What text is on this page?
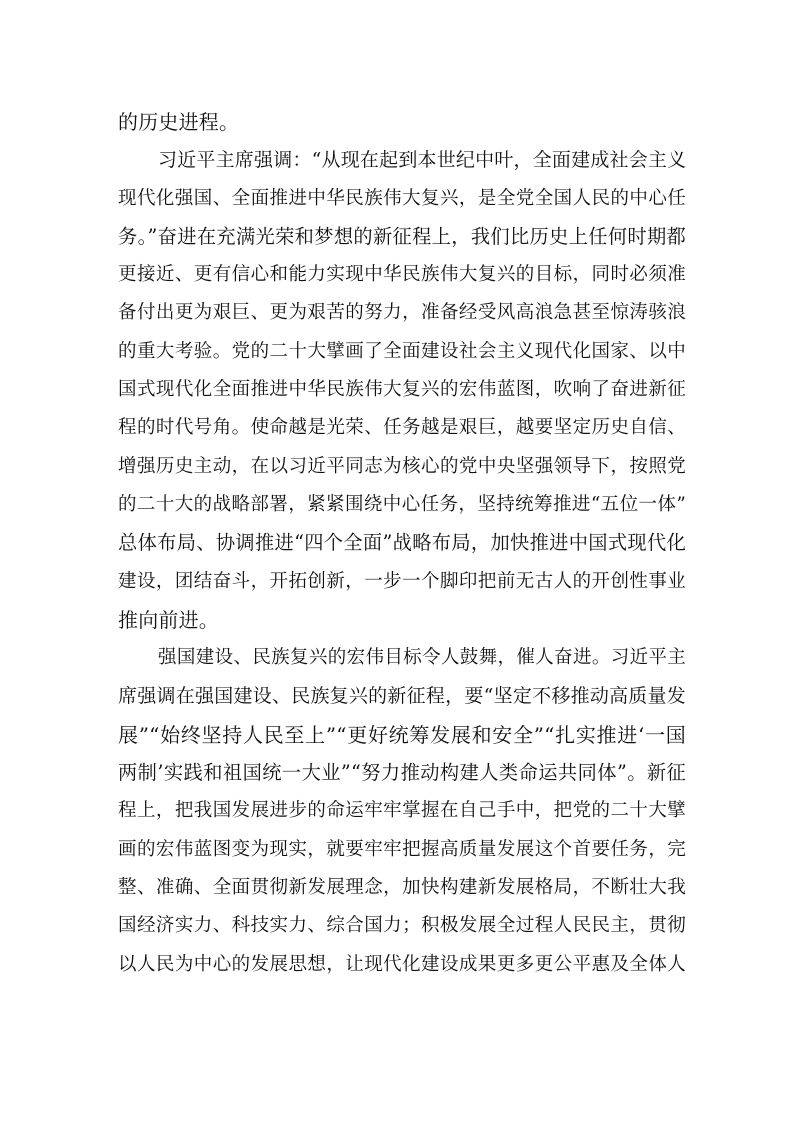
的历史进程。
习近平主席强调：“从现在起到本世纪中叶，全面建成社会主义
现代化强国、全面推进中华民族伟大复兴，是全党全国人民的中心任
务。”奋进在充满光荣和梦想的新征程上，我们比历史上任何时期都
更接近、更有信心和能力实现中华民族伟大复兴的目标，同时必须准
备付出更为艰巨、更为艰苦的努力，准备经受风高浪急甚至惊涛骇浪
的重大考验。党的二十大擘画了全面建设社会主义现代化国家、以中
国式现代化全面推进中华民族伟大复兴的宏伟蓝图，吹响了奋进新征
程的时代号角。使命越是光荣、任务越是艰巨，越要坚定历史自信、
增强历史主动，在以习近平同志为核心的党中央坚强领导下，按照党
的二十大的战略部署，紧紧围绕中心任务，坚持统筹推进“五位一体”
总体布局、协调推进“四个全面”战略布局，加快推进中国式现代化
建设，团结奋斗，开拓创新，一步一个脚印把前无古人的开创性事业
推向前进。
强国建设、民族复兴的宏伟目标令人鼓舞，催人奋进。习近平主
席强调在强国建设、民族复兴的新征程，要“坚定不移推动高质量发
展”“始终坚持人民至上”“更好统筹发展和安全”“扎实推进‘一国
两制’实践和祖国统一大业”“努力推动构建人类命运共同体”。新征
程上，把我国发展进步的命运牢牢掌握在自己手中，把党的二十大擘
画的宏伟蓝图变为现实，就要牢牢把握高质量发展这个首要任务，完
整、准确、全面贯彻新发展理念，加快构建新发展格局，不断壮大我
国经济实力、科技实力、综合国力；积极发展全过程人民民主，贯彻
以人民为中心的发展思想，让现代化建设成果更多更公平惠及全体人
